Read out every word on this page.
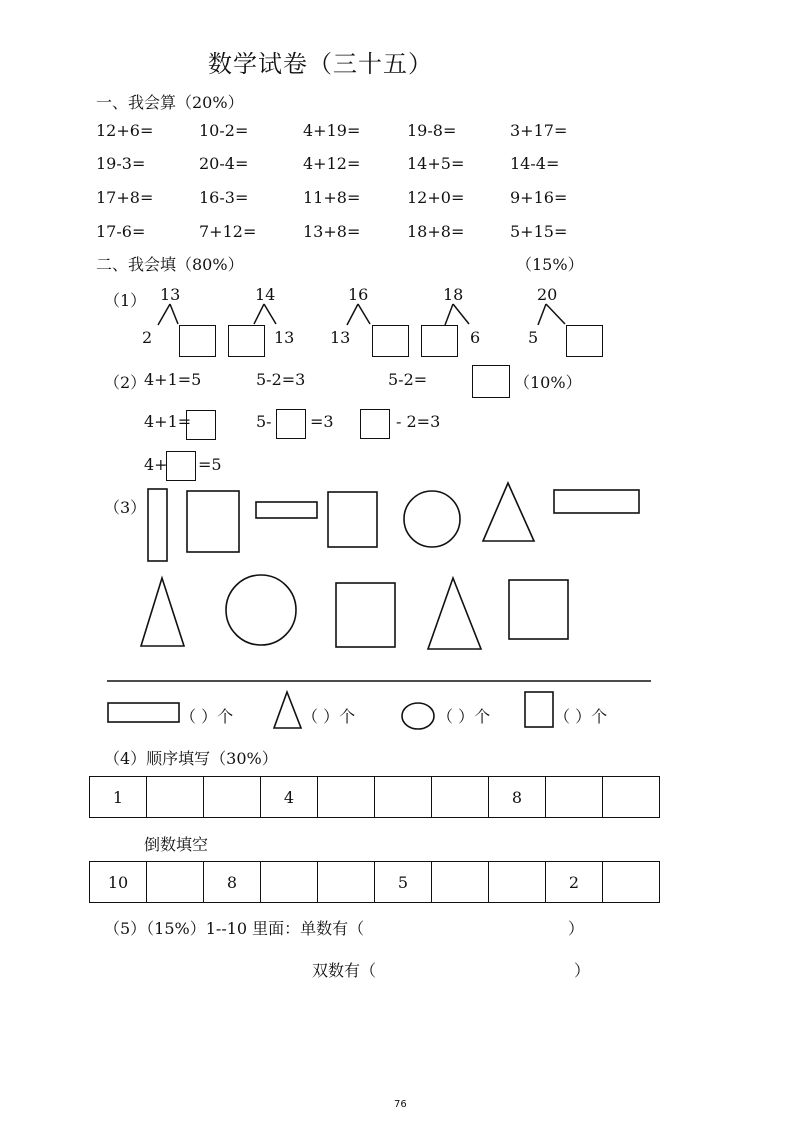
数学试卷（三十五）
一、我会算（20%）
12+6=	10-2=	4+19=	19-8=	3+17=
19-3=	20-4=	4+12=	14+5=	14-4=
17+8=	16-3=	11+8=	12+0=	9+16=
17-6=	7+12=	13+8=	18+8=	5+15=
二、我会填（80%）	（15%）
（1） 13
2
14
13
16
13
18
6
20
5
（2）
4+1=5	5-2=3	5-2=	（10%）
4+1=	5- =3	- 2=3
4+ =5
（3）
（ ）个	（ ）个	（ ）个	（ ）个
（4）顺序填写（30%）
1			4				8		
倒数填空
10		8			5			2	
（5）（15%）1--10 里面：单数有（	）
双数有（	）
76
